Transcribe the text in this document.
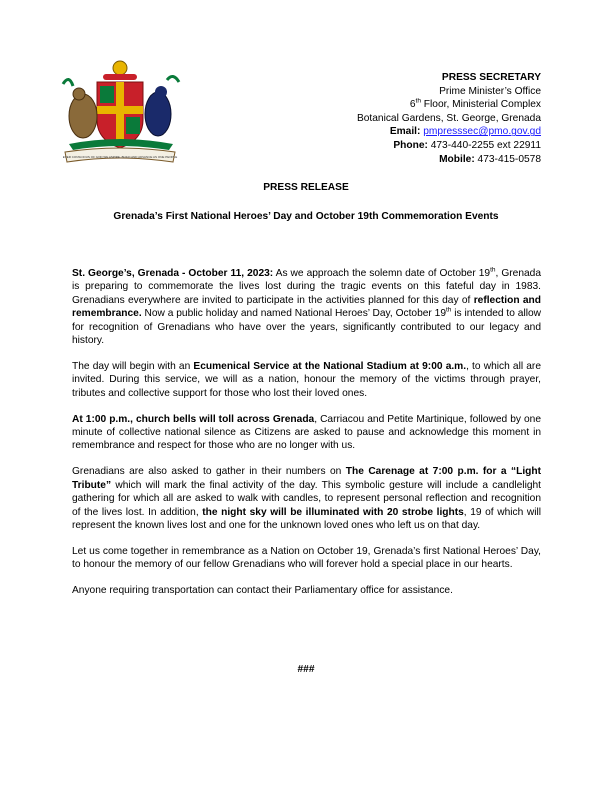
EVER CONSCIOUS OF GOD WE ASPIRE, BUILD AND ADVANCE AS ONE PEOPLE
PRESS SECRETARY
Prime Minister’s Office
6th Floor, Ministerial Complex
Botanical Gardens, St. George, Grenada
Email: pmpresssec@pmo.gov.gd
Phone: 473-440-2255 ext 22911
Mobile: 473-415-0578
PRESS RELEASE
Grenada’s First National Heroes’ Day and October 19th Commemoration Events

St. George’s, Grenada - October 11, 2023: As we approach the solemn date of October 19th, Grenada is preparing to commemorate the lives lost during the tragic events on this fateful day in 1983. Grenadians everywhere are invited to participate in the activities planned for this day of reflection and remembrance. Now a public holiday and named National Heroes’ Day, October 19th is intended to allow for recognition of Grenadians who have over the years, significantly contributed to our legacy and history.

The day will begin with an Ecumenical Service at the National Stadium at 9:00 a.m., to which all are invited. During this service, we will as a nation, honour the memory of the victims through prayer, tributes and collective support for those who lost their loved ones.

At 1:00 p.m., church bells will toll across Grenada, Carriacou and Petite Martinique, followed by one minute of collective national silence as Citizens are asked to pause and acknowledge this moment in remembrance and respect for those who are no longer with us.

Grenadians are also asked to gather in their numbers on The Carenage at 7:00 p.m. for a “Light Tribute” which will mark the final activity of the day. This symbolic gesture will include a candlelight gathering for which all are asked to walk with candles, to represent personal reflection and recognition of the lives lost. In addition, the night sky will be illuminated with 20 strobe lights, 19 of which will represent the known lives lost and one for the unknown loved ones who left us on that day.

Let us come together in remembrance as a Nation on October 19, Grenada’s first National Heroes’ Day, to honour the memory of our fellow Grenadians who will forever hold a special place in our hearts.

Anyone requiring transportation can contact their Parliamentary office for assistance.

###
